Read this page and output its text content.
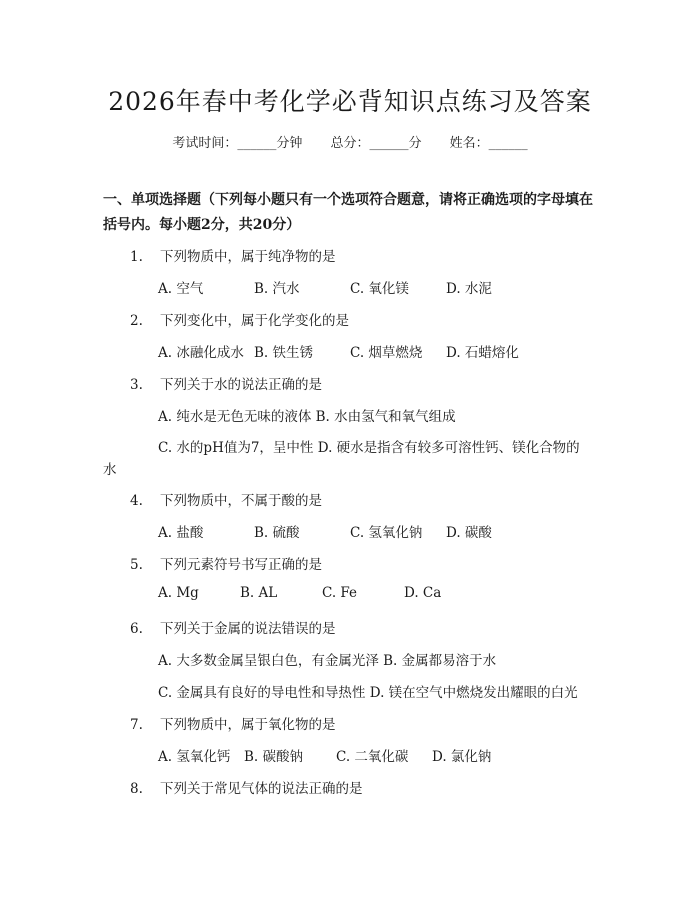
2026年春中考化学必背知识点练习及答案
考试时间：______分钟 总分：______分 姓名：______
一、单项选择题（下列每小题只有一个选项符合题意，请将正确选项的字母填在括号内。每小题2分，共20分）
1. 下列物质中，属于纯净物的是
A. 空气	B. 汽水	C. 氧化镁	D. 水泥
2. 下列变化中，属于化学变化的是
A. 冰融化成水 B. 铁生锈	C. 烟草燃烧 D. 石蜡熔化
3. 下列关于水的说法正确的是
A. 纯水是无色无味的液体 B. 水由氢气和氧气组成
C. 水的pH值为7，呈中性 D. 硬水是指含有较多可溶性钙、镁化合物的
水
4. 下列物质中，不属于酸的是
A. 盐酸	B. 硫酸	C. 氢氧化钠 D. 碳酸
5. 下列元素符号书写正确的是
A. Mg	B. AL	C. Fe	D. Ca
6. 下列关于金属的说法错误的是
A. 大多数金属呈银白色，有金属光泽 B. 金属都易溶于水
C. 金属具有良好的导电性和导热性 D. 镁在空气中燃烧发出耀眼的白光
7. 下列物质中，属于氧化物的是
A. 氢氧化钙 B. 碳酸钠 C. 二氧化碳 D. 氯化钠
8. 下列关于常见气体的说法正确的是
